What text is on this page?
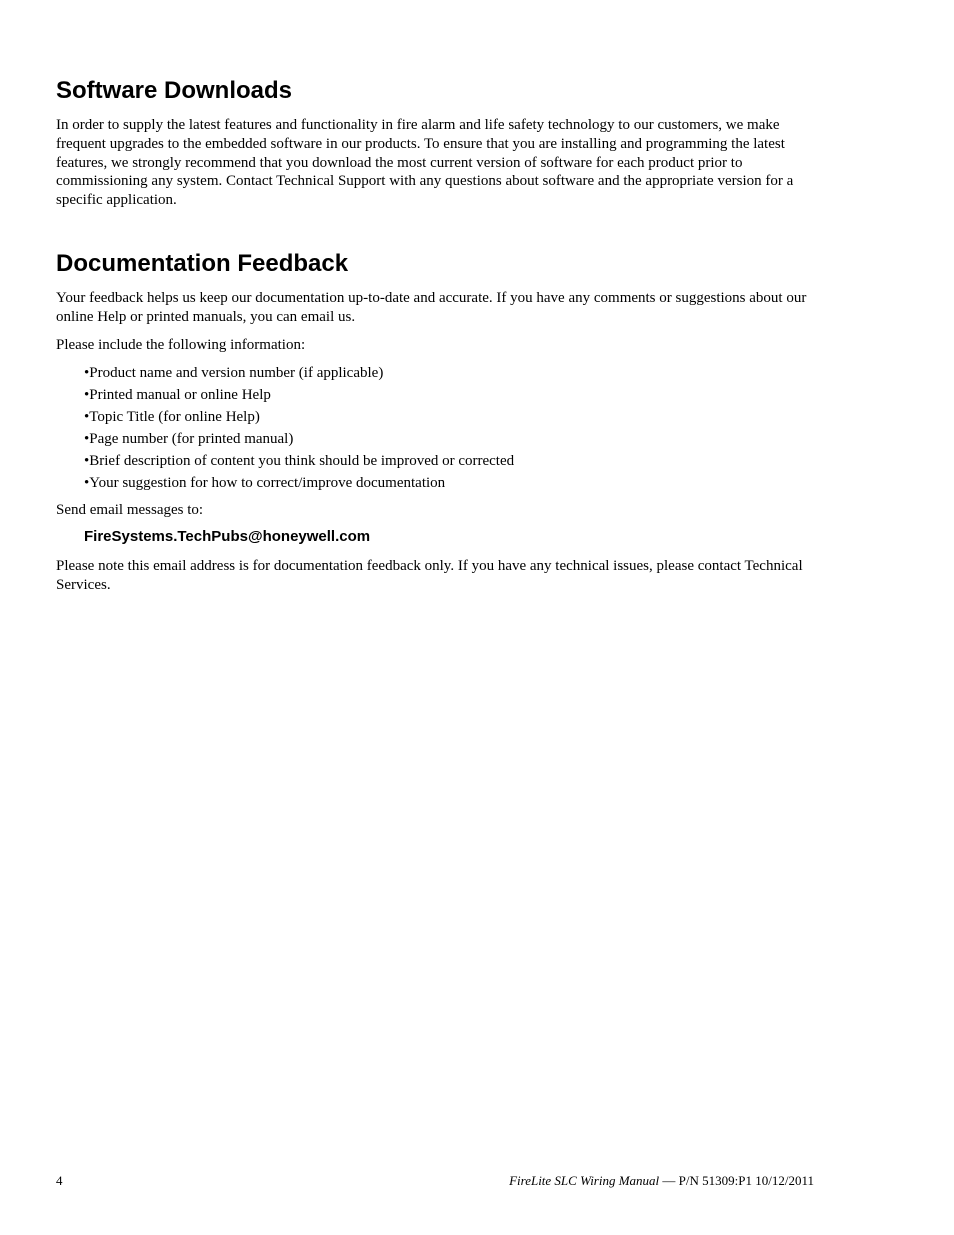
Software Downloads

In order to supply the latest features and functionality in fire alarm and life safety technology to our customers, we make frequent upgrades to the embedded software in our products. To ensure that you are installing and programming the latest features, we strongly recommend that you download the most current version of software for each product prior to commissioning any system. Contact Technical Support with any questions about software and the appropriate version for a specific application.

Documentation Feedback

Your feedback helps us keep our documentation up-to-date and accurate. If you have any comments or suggestions about our online Help or printed manuals, you can email us.

Please include the following information:

•Product name and version number (if applicable)
•Printed manual or online Help
•Topic Title (for online Help)
•Page number (for printed manual)
•Brief description of content you think should be improved or corrected
•Your suggestion for how to correct/improve documentation

Send email messages to:

FireSystems.TechPubs@honeywell.com

Please note this email address is for documentation feedback only. If you have any technical issues, please contact Technical Services.

4	FireLite SLC Wiring Manual — P/N 51309:P1 10/12/2011
